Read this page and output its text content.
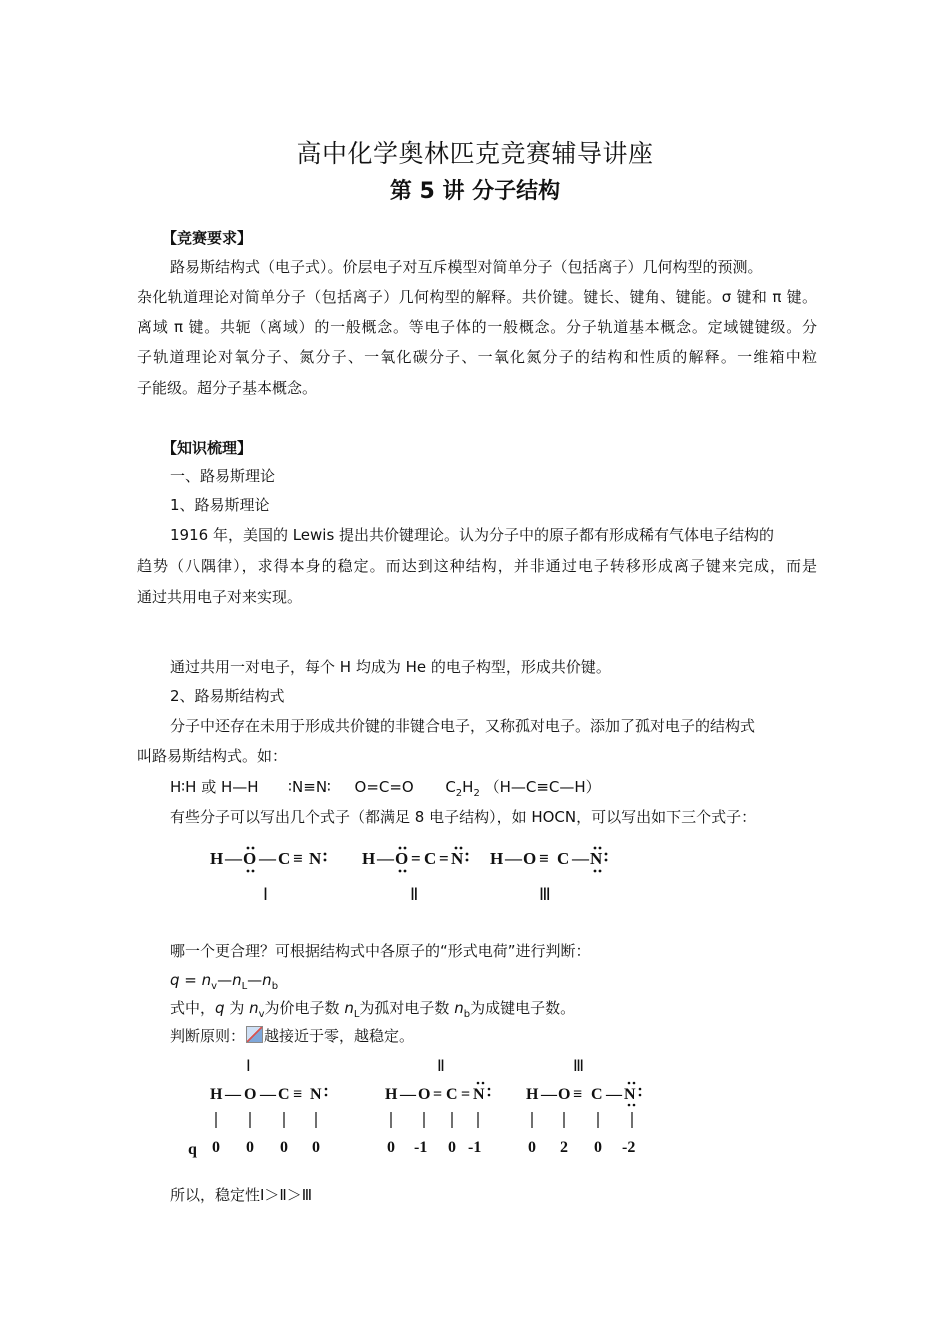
高中化学奥林匹克竞赛辅导讲座
第 5 讲 分子结构
【竞赛要求】
路易斯结构式（电子式）。价层电子对互斥模型对简单分子（包括离子）几何构型的预测。
杂化轨道理论对简单分子（包括离子）几何构型的解释。共价键。键长、键角、键能。σ 键和 π 键。
离域 π 键。共轭（离域）的一般概念。等电子体的一般概念。分子轨道基本概念。定域键键级。分
子轨道理论对氧分子、氮分子、一氧化碳分子、一氧化氮分子的结构和性质的解释。一维箱中粒
子能级。超分子基本概念。
【知识梳理】
一、路易斯理论
1、路易斯理论
1916 年，美国的 Lewis 提出共价键理论。认为分子中的原子都有形成稀有气体电子结构的
趋势（八隅律），求得本身的稳定。而达到这种结构，并非通过电子转移形成离子键来完成，而是
通过共用电子对来实现。
通过共用一对电子，每个 H 均成为 He 的电子构型，形成共价键。
2、路易斯结构式
分子中还存在未用于形成共价键的非键合电子，又称孤对电子。添加了孤对电子的结构式
叫路易斯结构式。如：
H∶H 或 H—H ∶N≡N∶ O=C=O $C_2H_2$ （H—C≡C—H）
有些分子可以写出几个式子（都满足 8 电子结构），如 HOCN，可以写出如下三个式子：
H — O — C ≡ N H — O = C = N H — O ≡ C — N
Ⅰ	Ⅱ	Ⅲ
哪一个更合理？可根据结构式中各原子的“形式电荷”进行判断：
$q = n_v—n_L—n_b$
式中，q 为 $n_v$为价电子数 $n_L$为孤对电子数 $n_b$为成键电子数。
判断原则： 越接近于零，越稳定。
Ⅰ	Ⅱ	Ⅲ
H — O — C ≡ N	H — O = C = N	H — O ≡ C — N
q 0 0 0 0	0 -1 0 -1	0 2 0 -2
所以，稳定性Ⅰ＞Ⅱ＞Ⅲ
